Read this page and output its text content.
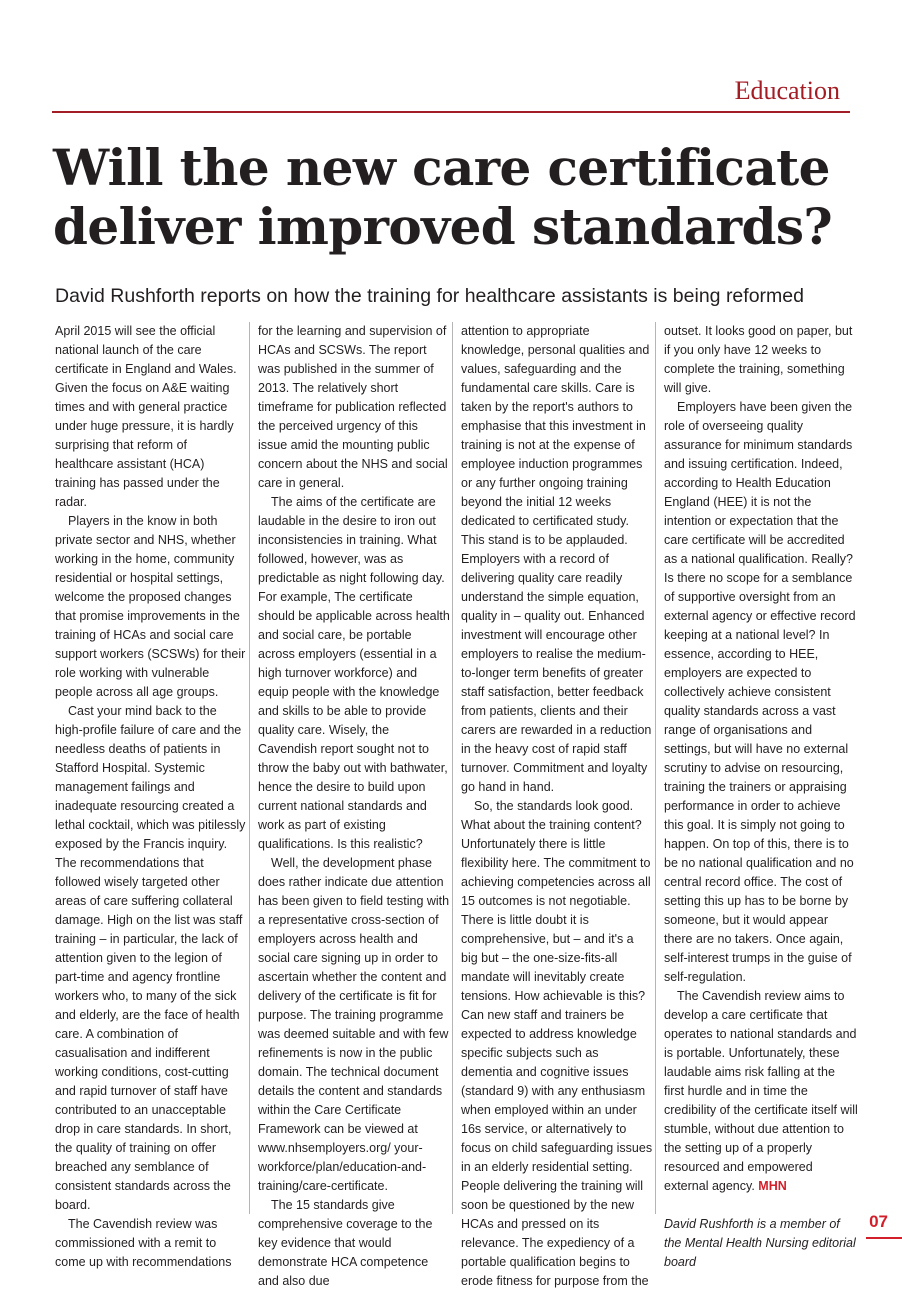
Education
Will the new care certificate
deliver improved standards?

David Rushforth reports on how the training for healthcare assistants is being reformed

April 2015 will see the official national launch of the care certificate in England and Wales. Given the focus on A&E waiting times and with general practice under huge pressure, it is hardly surprising that reform of healthcare assistant (HCA) training has passed under the radar.

Players in the know in both private sector and NHS, whether working in the home, community residential or hospital settings, welcome the proposed changes that promise improvements in the training of HCAs and social care support workers (SCSWs) for their role working with vulnerable people across all age groups.

Cast your mind back to the high-profile failure of care and the needless deaths of patients in Stafford Hospital. Systemic management failings and inadequate resourcing created a lethal cocktail, which was pitilessly exposed by the Francis inquiry. The recommendations that followed wisely targeted other areas of care suffering collateral damage. High on the list was staff training – in particular, the lack of attention given to the legion of part-time and agency frontline workers who, to many of the sick and elderly, are the face of health care. A combination of casualisation and indifferent working conditions, cost-cutting and rapid turnover of staff have contributed to an unacceptable drop in care standards. In short, the quality of training on offer breached any semblance of consistent standards across the board.

The Cavendish review was commissioned with a remit to come up with recommendations

for the learning and supervision of HCAs and SCSWs. The report was published in the summer of 2013. The relatively short timeframe for publication reflected the perceived urgency of this issue amid the mounting public concern about the NHS and social care in general.

The aims of the certificate are laudable in the desire to iron out inconsistencies in training. What followed, however, was as predictable as night following day. For example, The certificate should be applicable across health and social care, be portable across employers (essential in a high turnover workforce) and equip people with the knowledge and skills to be able to provide quality care. Wisely, the Cavendish report sought not to throw the baby out with bathwater, hence the desire to build upon current national standards and work as part of existing qualifications. Is this realistic?

Well, the development phase does rather indicate due attention has been given to field testing with a representative cross-section of employers across health and social care signing up in order to ascertain whether the content and delivery of the certificate is fit for purpose. The training programme was deemed suitable and with few refinements is now in the public domain. The technical document details the content and standards within the Care Certificate Framework can be viewed at www.nhsemployers.org/ your-workforce/plan/education-and-training/care-certificate.

The 15 standards give comprehensive coverage to the key evidence that would demonstrate HCA competence and also due

attention to appropriate knowledge, personal qualities and values, safeguarding and the fundamental care skills. Care is taken by the report's authors to emphasise that this investment in training is not at the expense of employee induction programmes or any further ongoing training beyond the initial 12 weeks dedicated to certificated study. This stand is to be applauded. Employers with a record of delivering quality care readily understand the simple equation, quality in – quality out. Enhanced investment will encourage other employers to realise the medium-to-longer term benefits of greater staff satisfaction, better feedback from patients, clients and their carers are rewarded in a reduction in the heavy cost of rapid staff turnover. Commitment and loyalty go hand in hand.

So, the standards look good. What about the training content? Unfortunately there is little flexibility here. The commitment to achieving competencies across all 15 outcomes is not negotiable. There is little doubt it is comprehensive, but – and it's a big but – the one-size-fits-all mandate will inevitably create tensions. How achievable is this? Can new staff and trainers be expected to address knowledge specific subjects such as dementia and cognitive issues (standard 9) with any enthusiasm when employed within an under 16s service, or alternatively to focus on child safeguarding issues in an elderly residential setting. People delivering the training will soon be questioned by the new HCAs and pressed on its relevance. The expediency of a portable qualification begins to erode fitness for purpose from the

outset. It looks good on paper, but if you only have 12 weeks to complete the training, something will give.

Employers have been given the role of overseeing quality assurance for minimum standards and issuing certification. Indeed, according to Health Education England (HEE) it is not the intention or expectation that the care certificate will be accredited as a national qualification. Really? Is there no scope for a semblance of supportive oversight from an external agency or effective record keeping at a national level? In essence, according to HEE, employers are expected to collectively achieve consistent quality standards across a vast range of organisations and settings, but will have no external scrutiny to advise on resourcing, training the trainers or appraising performance in order to achieve this goal. It is simply not going to happen. On top of this, there is to be no national qualification and no central record office. The cost of setting this up has to be borne by someone, but it would appear there are no takers. Once again, self-interest trumps in the guise of self-regulation.

The Cavendish review aims to develop a care certificate that operates to national standards and is portable. Unfortunately, these laudable aims risk falling at the first hurdle and in time the credibility of the certificate itself will stumble, without due attention to the setting up of a properly resourced and empowered external agency. MHN

David Rushforth is a member of the Mental Health Nursing editorial board

07
